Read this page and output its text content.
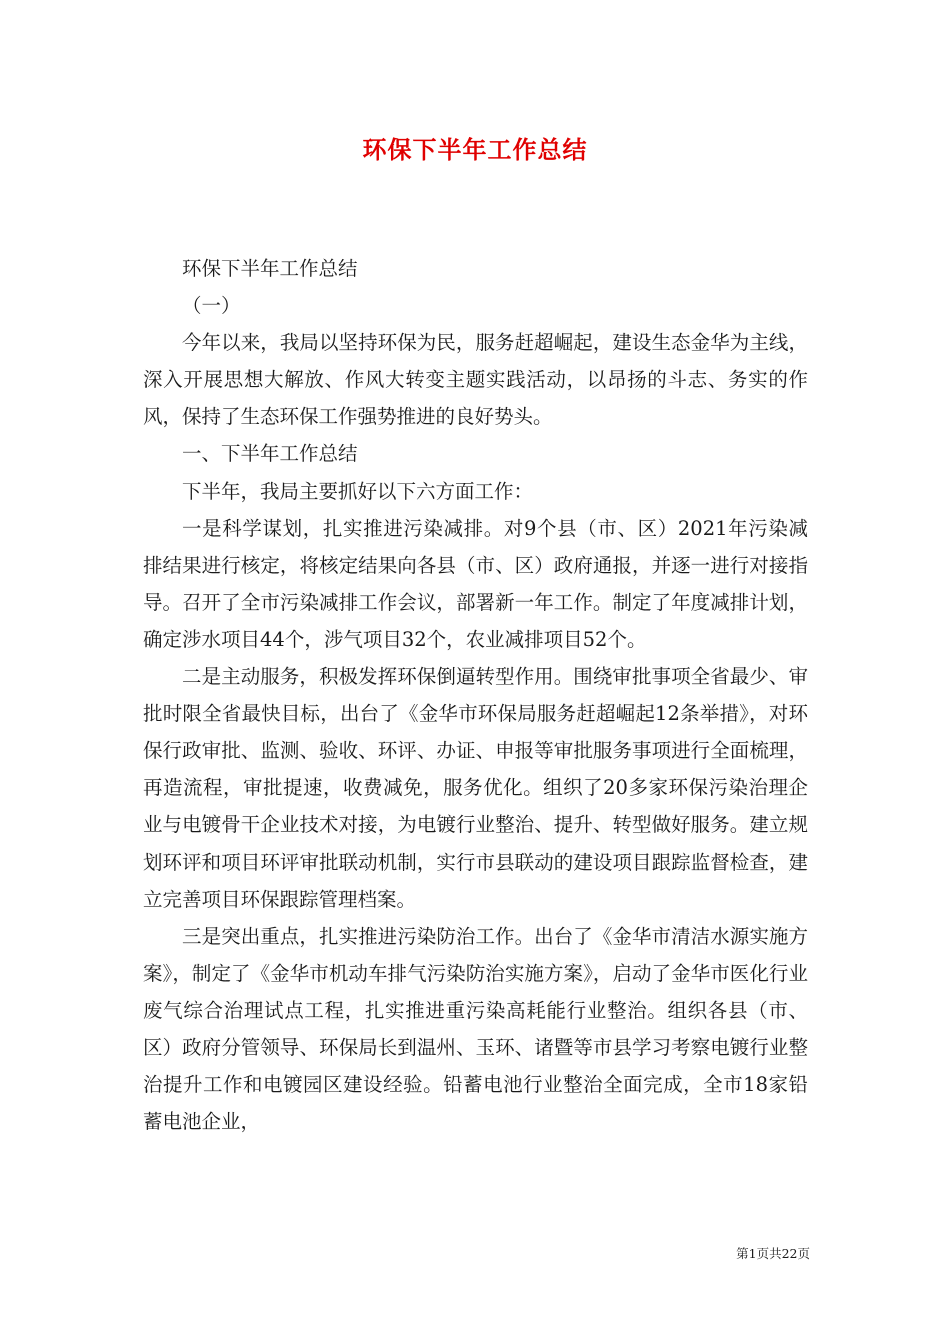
环保下半年工作总结

环保下半年工作总结

（一）

今年以来，我局以坚持环保为民，服务赶超崛起，建设生态金华为主线，深入开展思想大解放、作风大转变主题实践活动，以昂扬的斗志、务实的作风，保持了生态环保工作强势推进的良好势头。

一、下半年工作总结

下半年，我局主要抓好以下六方面工作：

一是科学谋划，扎实推进污染减排。对9个县（市、区）2021年污染减排结果进行核定，将核定结果向各县（市、区）政府通报，并逐一进行对接指导。召开了全市污染减排工作会议，部署新一年工作。制定了年度减排计划，确定涉水项目44个，涉气项目32个，农业减排项目52个。

二是主动服务，积极发挥环保倒逼转型作用。围绕审批事项全省最少、审批时限全省最快目标，出台了《金华市环保局服务赶超崛起12条举措》，对环保行政审批、监测、验收、环评、办证、申报等审批服务事项进行全面梳理，再造流程，审批提速，收费减免，服务优化。组织了20多家环保污染治理企业与电镀骨干企业技术对接，为电镀行业整治、提升、转型做好服务。建立规划环评和项目环评审批联动机制，实行市县联动的建设项目跟踪监督检查，建立完善项目环保跟踪管理档案。

三是突出重点，扎实推进污染防治工作。出台了《金华市清洁水源实施方案》，制定了《金华市机动车排气污染防治实施方案》，启动了金华市医化行业废气综合治理试点工程，扎实推进重污染高耗能行业整治。组织各县（市、区）政府分管领导、环保局长到温州、玉环、诸暨等市县学习考察电镀行业整治提升工作和电镀园区建设经验。铅蓄电池行业整治全面完成，全市18家铅蓄电池企业，

第1页共22页
